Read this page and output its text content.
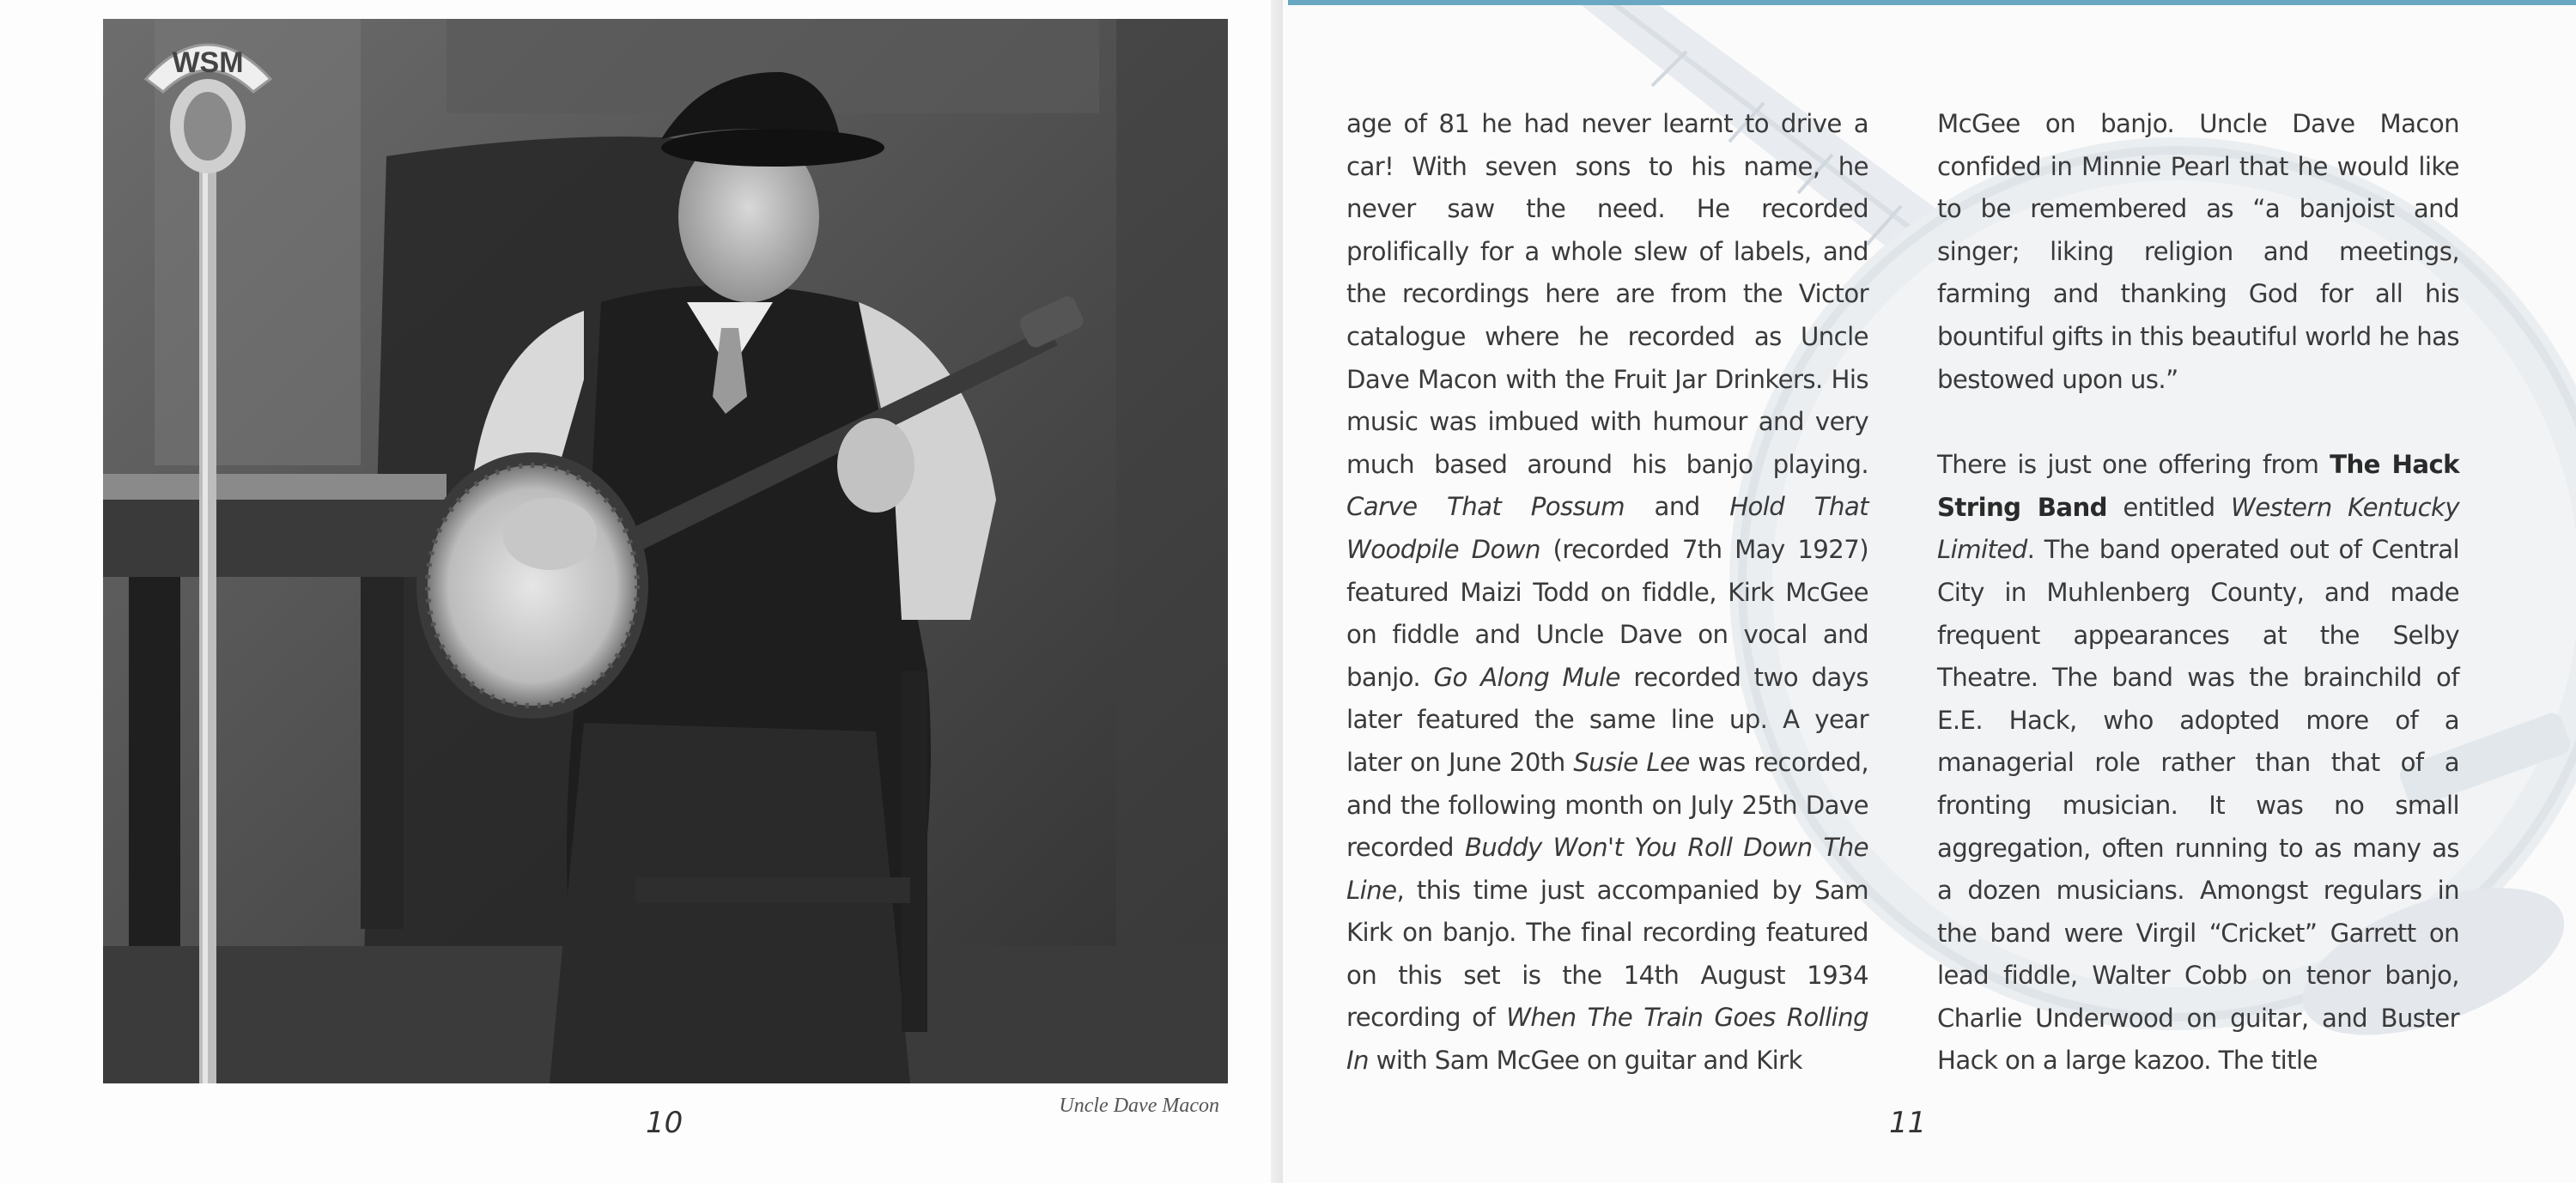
WSM
Uncle Dave Macon
10

age of 81 he had never learnt to drive a car! With seven sons to his name, he never saw the need. He recorded prolifically for a whole slew of labels, and the recordings here are from the Victor catalogue where he recorded as Uncle Dave Macon with the Fruit Jar Drinkers. His music was imbued with humour and very much based around his banjo playing. Carve That Possum and Hold That Woodpile Down (recorded 7th May 1927) featured Maizi Todd on fiddle, Kirk McGee on fiddle and Uncle Dave on vocal and banjo. Go Along Mule recorded two days later featured the same line up. A year later on June 20th Susie Lee was recorded, and the following month on July 25th Dave recorded Buddy Won't You Roll Down The Line, this time just accompanied by Sam Kirk on banjo. The final recording featured on this set is the 14th August 1934 recording of When The Train Goes Rolling In with Sam McGee on guitar and Kirk

McGee on banjo. Uncle Dave Macon confided in Minnie Pearl that he would like to be remembered as “a banjoist and singer; liking religion and meetings, farming and thanking God for all his bountiful gifts in this beautiful world he has bestowed upon us.”

There is just one offering from The Hack String Band entitled Western Kentucky Limited. The band operated out of Central City in Muhlenberg County, and made frequent appearances at the Selby Theatre. The band was the brainchild of E.E. Hack, who adopted more of a managerial role rather than that of a fronting musician. It was no small aggregation, often running to as many as a dozen musicians. Amongst regulars in the band were Virgil “Cricket” Garrett on lead fiddle, Walter Cobb on tenor banjo, Charlie Underwood on guitar, and Buster Hack on a large kazoo. The title

11
